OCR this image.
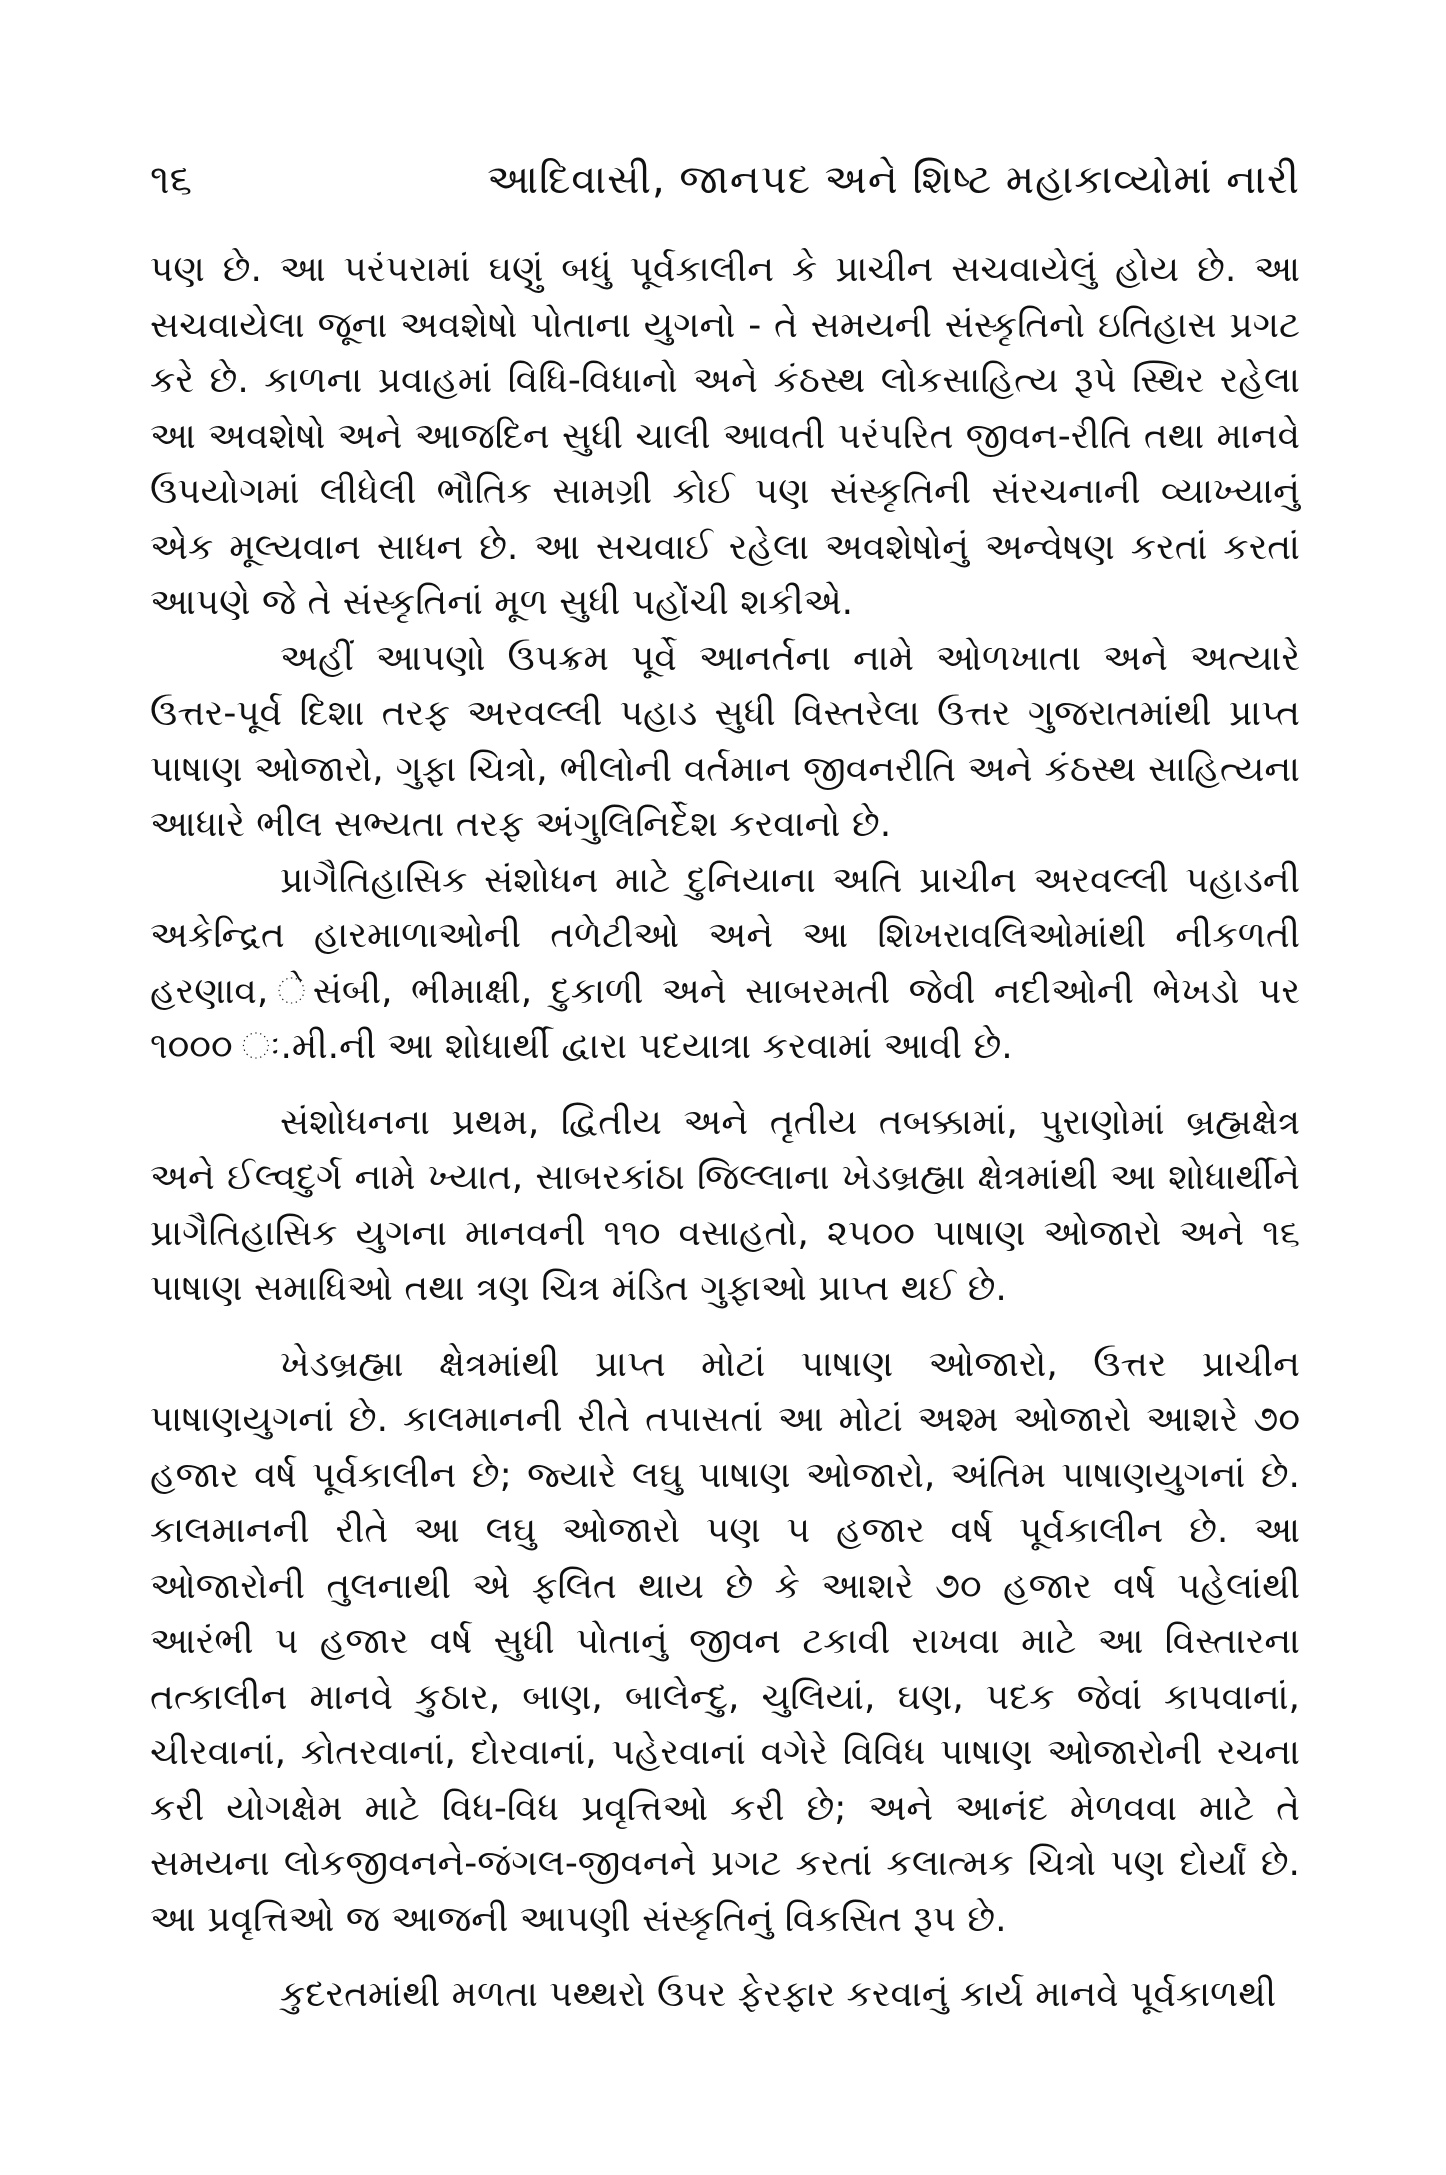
૧૬	આદિવાસી, જાનપદ અને શિષ્ટ મહાકાવ્યોમાં નારી

પણ છે. આ પરંપરામાં ઘણું બધું પૂર્વકાલીન કે પ્રાચીન સચવાયેલું હોય છે. આ સચવાયેલા જૂના અવશેષો પોતાના યુગનો - તે સમયની સંસ્કૃતિનો ઇતિહાસ પ્રગટ કરે છે. કાળના પ્રવાહમાં વિધિ-વિધાનો અને કંઠસ્થ લોકસાહિત્ય રૂપે સ્થિર રહેલા આ અવશેષો અને આજદિન સુધી ચાલી આવતી પરંપરિત જીવન-રીતિ તથા માનવે ઉપયોગમાં લીધેલી ભૌતિક સામગ્રી કોઈ પણ સંસ્કૃતિની સંરચનાની વ્યાખ્યાનું એક મૂલ્યવાન સાધન છે. આ સચવાઈ રહેલા અવશેષોનું અન્વેષણ કરતાં કરતાં આપણે જે તે સંસ્કૃતિનાં મૂળ સુધી પહોંચી શકીએ.

અહીં આપણો ઉપક્રમ પૂર્વે આનર્તના નામે ઓળખાતા અને અત્યારે ઉત્તર-પૂર્વ દિશા તરફ અરવલ્લી પહાડ સુધી વિસ્તરેલા ઉત્તર ગુજરાતમાંથી પ્રાપ્ત પાષાણ ઓજારો, ગુફા ચિત્રો, ભીલોની વર્તમાન જીવનરીતિ અને કંઠસ્થ સાહિત્યના આધારે ભીલ સભ્યતા તરફ અંગુલિનિર્દેશ કરવાનો છે.

પ્રાગૈતિહાસિક સંશોધન માટે દુનિયાના અતિ પ્રાચીન અરવલ્લી પહાડની અકેન્દ્રિત હારમાળાઓની તળેટીઓ અને આ શિખરાવલિઓમાંથી નીકળતી હરણાવ, ેસંબી, ભીમાક્ષી, દુકાળી અને સાબરમતી જેવી નદીઓની ભેખડો પર ૧૦૦૦ ઃ.મી.ની આ શોધાર્થી દ્વારા પદયાત્રા કરવામાં આવી છે.

સંશોધનના પ્રથમ, દ્વિતીય અને તૃતીય તબક્કામાં, પુરાણોમાં બ્રહ્મક્ષેત્ર અને ઈલ્વદુર્ગ નામે ખ્યાત, સાબરકાંઠા જિલ્લાના ખેડબ્રહ્મા ક્ષેત્રમાંથી આ શોધાર્થીને પ્રાગૈતિહાસિક યુગના માનવની ૧૧૦ વસાહતો, ૨૫૦૦ પાષાણ ઓજારો અને ૧૬ પાષાણ સમાધિઓ તથા ત્રણ ચિત્ર મંડિત ગુફાઓ પ્રાપ્ત થઈ છે.

ખેડબ્રહ્મા ક્ષેત્રમાંથી પ્રાપ્ત મોટાં પાષાણ ઓજારો, ઉત્તર પ્રાચીન પાષાણયુગનાં છે. કાલમાનની રીતે તપાસતાં આ મોટાં અશ્મ ઓજારો આશરે ૭૦ હજાર વર્ષ પૂર્વકાલીન છે; જ્યારે લઘુ પાષાણ ઓજારો, અંતિમ પાષાણયુગનાં છે. કાલમાનની રીતે આ લઘુ ઓજારો પણ ૫ હજાર વર્ષ પૂર્વકાલીન છે. આ ઓજારોની તુલનાથી એ ફલિત થાય છે કે આશરે ૭૦ હજાર વર્ષ પહેલાંથી આરંભી ૫ હજાર વર્ષ સુધી પોતાનું જીવન ટકાવી રાખવા માટે આ વિસ્તારના તત્કાલીન માનવે કુઠાર, બાણ, બાલેન્દુ, ચુલિયાં, ઘણ, પદક જેવાં કાપવાનાં, ચીરવાનાં, કોતરવાનાં, દોરવાનાં, પહેરવાનાં વગેરે વિવિધ પાષાણ ઓજારોની રચના કરી યોગક્ષેમ માટે વિધ-વિધ પ્રવૃત્તિઓ કરી છે; અને આનંદ મેળવવા માટે તે સમયના લોકજીવનને-જંગલ-જીવનને પ્રગટ કરતાં કલાત્મક ચિત્રો પણ દોર્યાં છે. આ પ્રવૃત્તિઓ જ આજની આપણી સંસ્કૃતિનું વિકસિત રૂપ છે.

કુદરતમાંથી મળતા પથ્થરો ઉપર ફેરફાર કરવાનું કાર્ય માનવે પૂર્વકાળથી
